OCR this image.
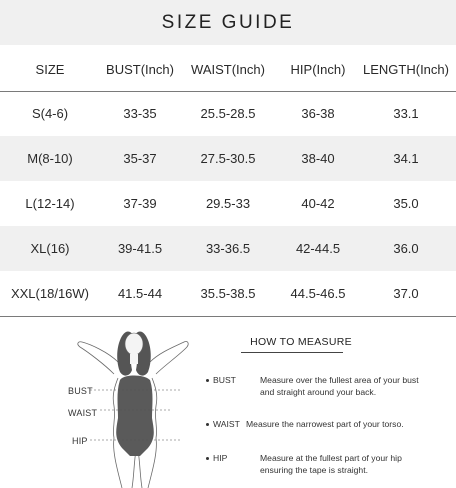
SIZE GUIDE
SIZE	BUST(Inch)	WAIST(Inch)	HIP(Inch)	LENGTH(Inch)
S(4-6)	33-35	25.5-28.5	36-38	33.1
M(8-10)	35-37	27.5-30.5	38-40	34.1
L(12-14)	37-39	29.5-33	40-42	35.0
XL(16)	39-41.5	33-36.5	42-44.5	36.0
XXL(18/16W)	41.5-44	35.5-38.5	44.5-46.5	37.0
BUST
WAIST
HIP
HOW TO MEASURE
BUST	Measure over the fullest area of your bust
and straight around your back.
WAIST Measure the narrowest part of your torso.
HIP	Measure at the fullest part of your hip
ensuring the tape is straight.
